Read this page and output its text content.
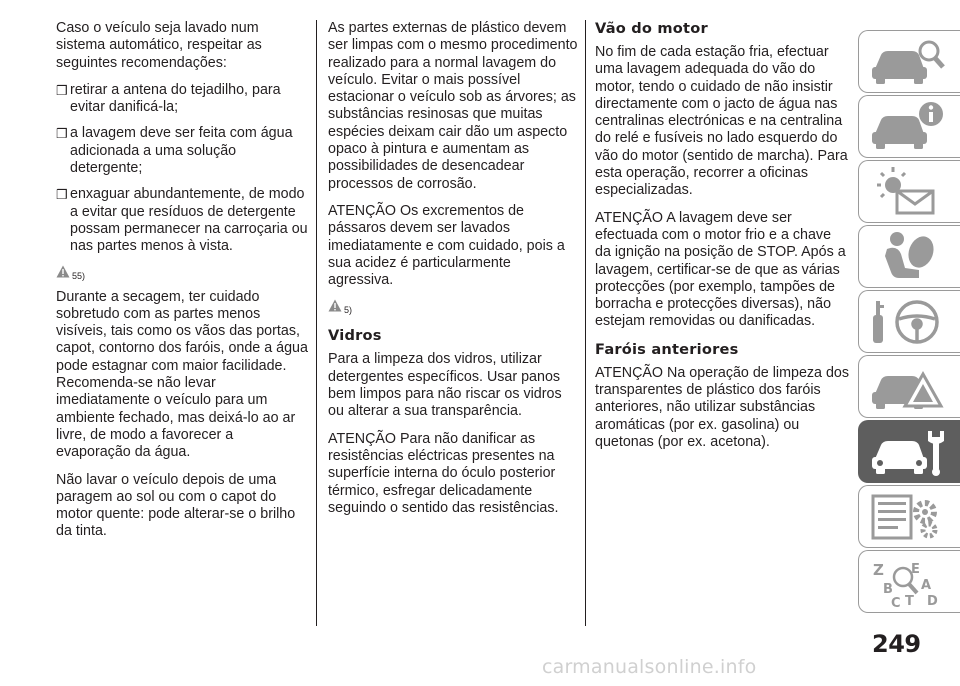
Caso o veículo seja lavado num sistema automático, respeitar as seguintes recomendações:

❒ retirar a antena do tejadilho, para evitar danificá-la;
❒ a lavagem deve ser feita com água adicionada a uma solução detergente;
❒ enxaguar abundantemente, de modo a evitar que resíduos de detergente possam permanecer na carroçaria ou nas partes menos à vista.
55)

Durante a secagem, ter cuidado sobretudo com as partes menos visíveis, tais como os vãos das portas, capot, contorno dos faróis, onde a água pode estagnar com maior facilidade. Recomenda-se não levar imediatamente o veículo para um ambiente fechado, mas deixá-lo ao ar livre, de modo a favorecer a evaporação da água.

Não lavar o veículo depois de uma paragem ao sol ou com o capot do motor quente: pode alterar-se o brilho da tinta.

As partes externas de plástico devem ser limpas com o mesmo procedimento realizado para a normal lavagem do veículo. Evitar o mais possível estacionar o veículo sob as árvores; as substâncias resinosas que muitas espécies deixam cair dão um aspecto opaco à pintura e aumentam as possibilidades de desencadear processos de corrosão.

ATENÇÃO Os excrementos de pássaros devem ser lavados imediatamente e com cuidado, pois a sua acidez é particularmente agressiva.

5)
Vidros

Para a limpeza dos vidros, utilizar detergentes específicos. Usar panos bem limpos para não riscar os vidros ou alterar a sua transparência.

ATENÇÃO Para não danificar as resistências eléctricas presentes na superfície interna do óculo posterior térmico, esfregar delicadamente seguindo o sentido das resistências.

Vão do motor

No fim de cada estação fria, efectuar uma lavagem adequada do vão do motor, tendo o cuidado de não insistir directamente com o jacto de água nas centralinas electrónicas e na centralina do relé e fusíveis no lado esquerdo do vão do motor (sentido de marcha). Para esta operação, recorrer a oficinas especializadas.

ATENÇÃO A lavagem deve ser efectuada com o motor frio e a chave da ignição na posição de STOP. Após a lavagem, certificar-se de que as várias protecções (por exemplo, tampões de borracha e protecções diversas), não estejam removidas ou danificadas.

Faróis anteriores

ATENÇÃO Na operação de limpeza dos transparentes de plástico dos faróis anteriores, não utilizar substâncias aromáticas (por ex. gasolina) ou quetonas (por ex. acetona).

Z E
A
B
C T D
249
carmanualsonline.info
